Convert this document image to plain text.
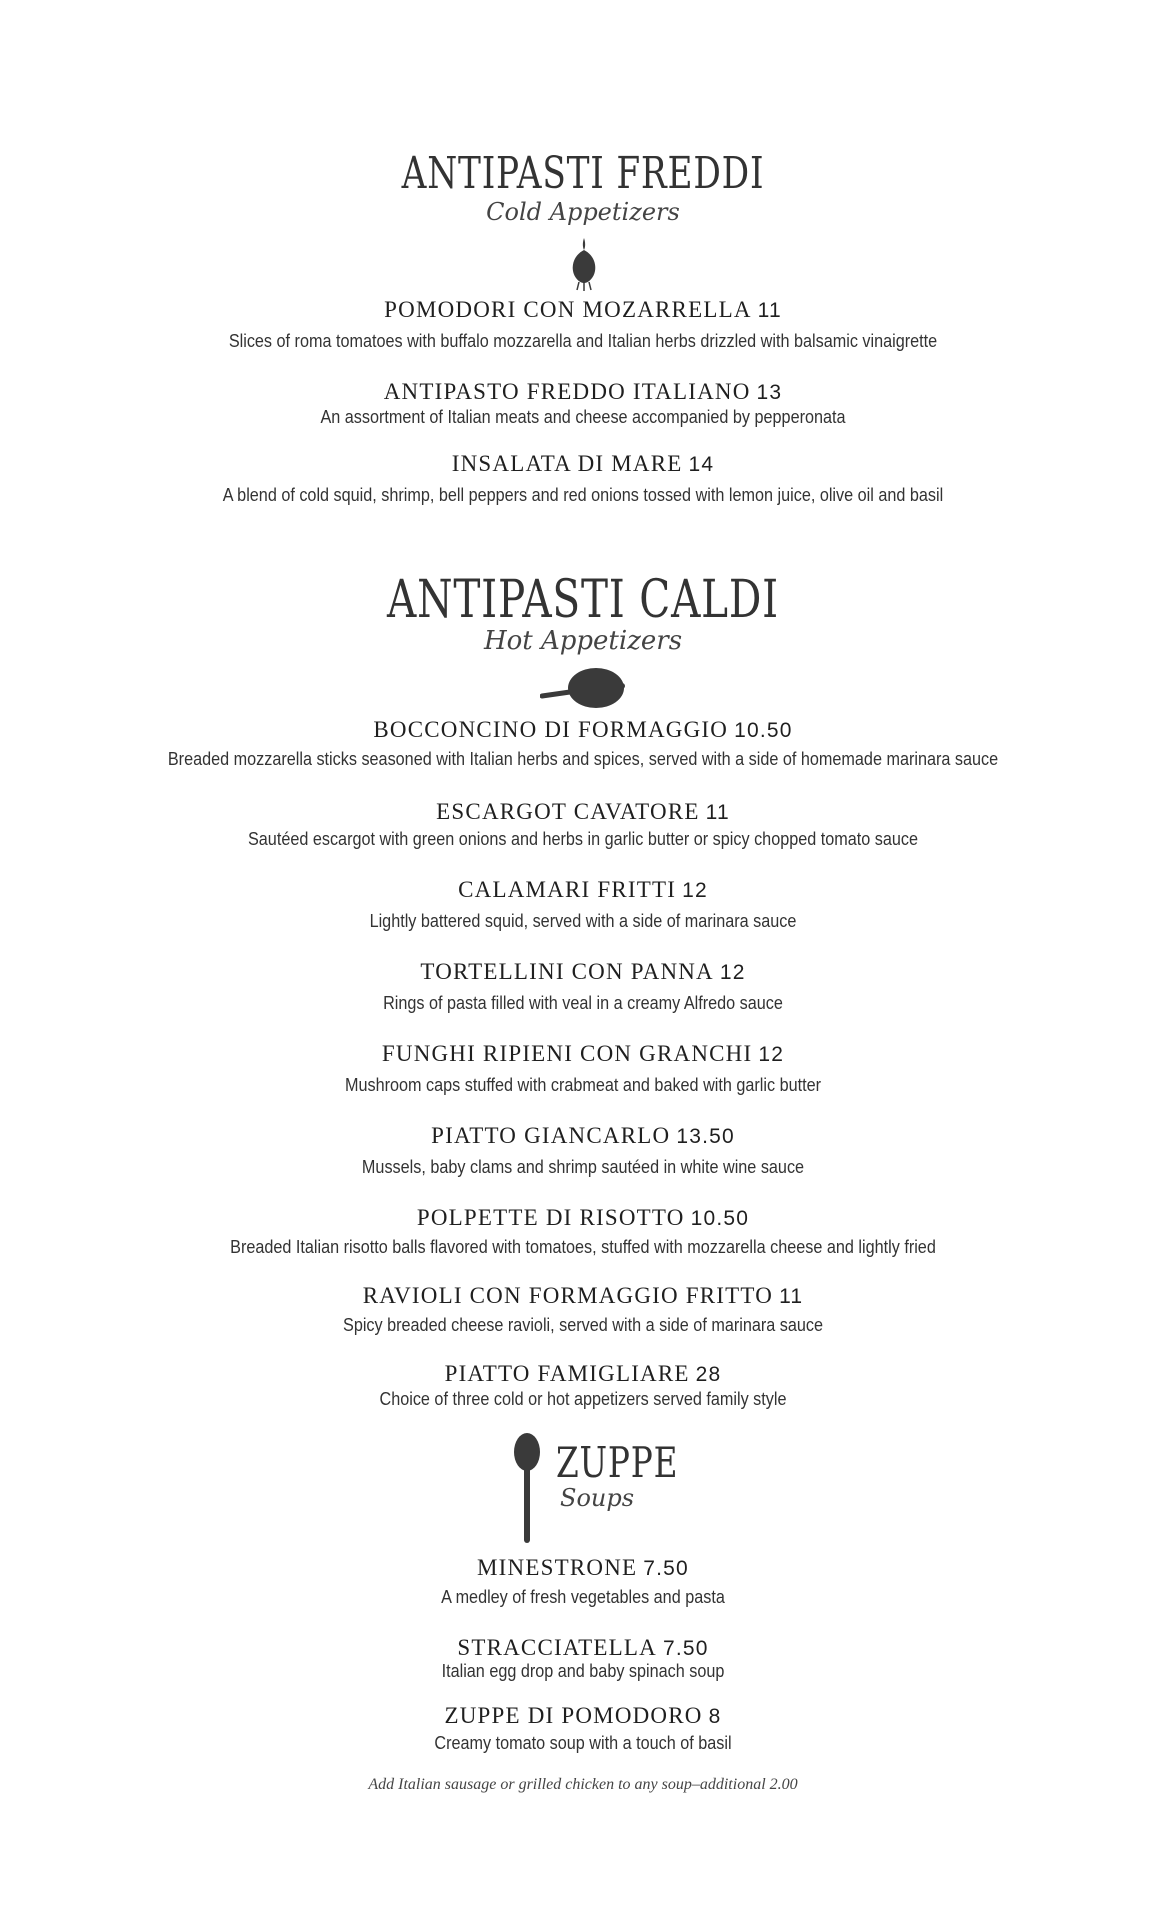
ANTIPASTI FREDDI
Cold Appetizers
POMODORI CON MOZARRELLA 11
Slices of roma tomatoes with buffalo mozzarella and Italian herbs drizzled with balsamic vinaigrette
ANTIPASTO FREDDO ITALIANO 13
An assortment of Italian meats and cheese accompanied by pepperonata
INSALATA DI MARE 14
A blend of cold squid, shrimp, bell peppers and red onions tossed with lemon juice, olive oil and basil
ANTIPASTI CALDI
Hot Appetizers
BOCCONCINO DI FORMAGGIO 10.50
Breaded mozzarella sticks seasoned with Italian herbs and spices, served with a side of homemade marinara sauce
ESCARGOT CAVATORE 11
Sautéed escargot with green onions and herbs in garlic butter or spicy chopped tomato sauce
CALAMARI FRITTI 12
Lightly battered squid, served with a side of marinara sauce
TORTELLINI CON PANNA 12
Rings of pasta filled with veal in a creamy Alfredo sauce
FUNGHI RIPIENI CON GRANCHI 12
Mushroom caps stuffed with crabmeat and baked with garlic butter
PIATTO GIANCARLO 13.50
Mussels, baby clams and shrimp sautéed in white wine sauce
POLPETTE DI RISOTTO 10.50
Breaded Italian risotto balls flavored with tomatoes, stuffed with mozzarella cheese and lightly fried
RAVIOLI CON FORMAGGIO FRITTO 11
Spicy breaded cheese ravioli, served with a side of marinara sauce
PIATTO FAMIGLIARE 28
Choice of three cold or hot appetizers served family style
ZUPPE
Soups
MINESTRONE 7.50
A medley of fresh vegetables and pasta
STRACCIATELLA 7.50
Italian egg drop and baby spinach soup
ZUPPE DI POMODORO 8
Creamy tomato soup with a touch of basil
Add Italian sausage or grilled chicken to any soup–additional 2.00
